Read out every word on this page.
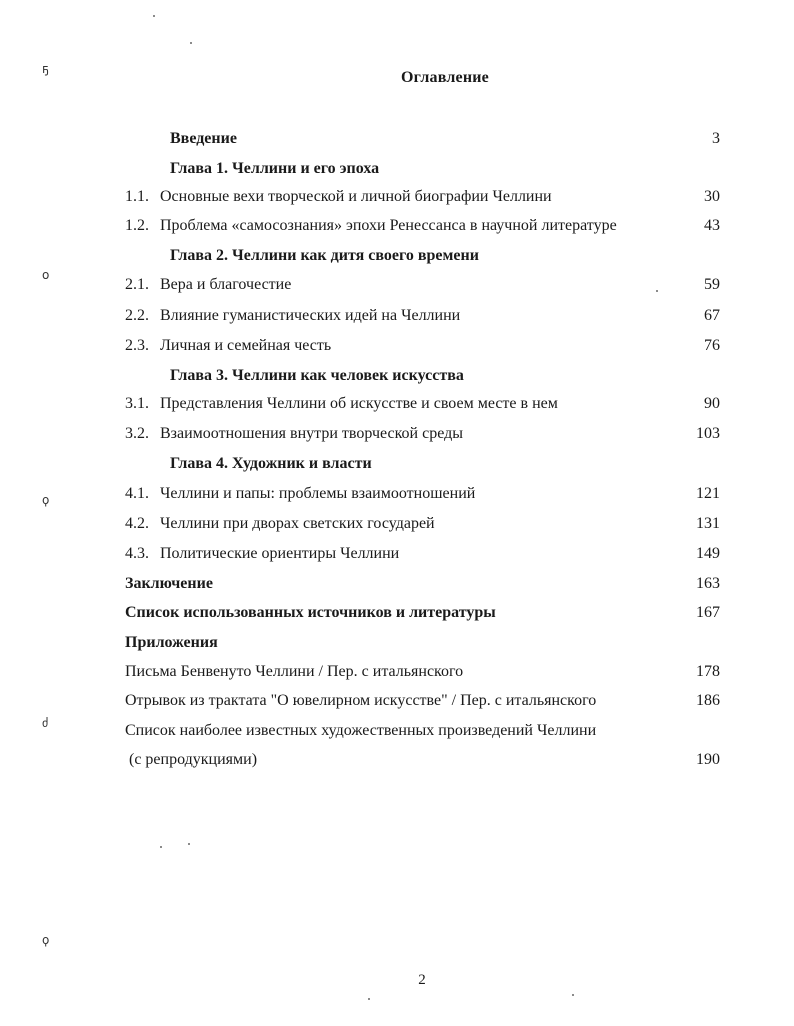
ҕ
o
ϙ
ძ
ϙ
Оглавление
Введение	3
Глава 1. Челлини и его эпоха
1.1. Основные вехи творческой и личной биографии Челлини	30
1.2. Проблема «самосознания» эпохи Ренессанса в научной литературе	43
Глава 2. Челлини как дитя своего времени
2.1. Вера и благочестие	59
2.2. Влияние гуманистических идей на Челлини	67
2.3. Личная и семейная честь	76
Глава 3. Челлини как человек искусства
3.1. Представления Челлини об искусстве и своем месте в нем	90
3.2. Взаимоотношения внутри творческой среды	103
Глава 4. Художник и власти
4.1. Челлини и папы: проблемы взаимоотношений	121
4.2. Челлини при дворах светских государей	131
4.3. Политические ориентиры Челлини	149
Заключение	163
Список использованных источников и литературы	167
Приложения
Письма Бенвенуто Челлини / Пер. с итальянского	178
Отрывок из трактата "О ювелирном искусстве" / Пер. с итальянского	186
Список наиболее известных художественных произведений Челлини
(с репродукциями)	190
2
